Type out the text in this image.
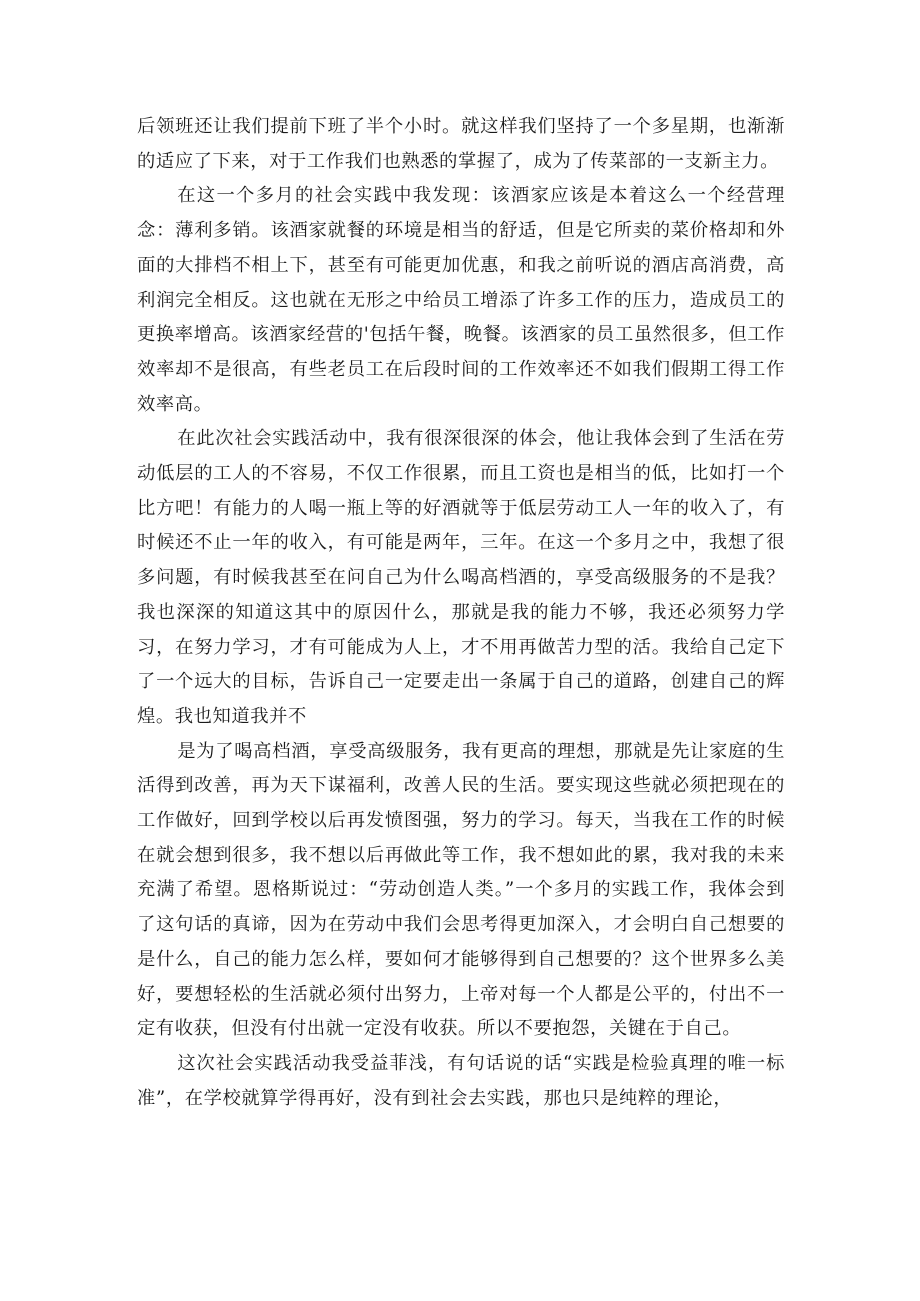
后领班还让我们提前下班了半个小时。就这样我们坚持了一个多星期，也渐渐的适应了下来，对于工作我们也熟悉的掌握了，成为了传菜部的一支新主力。

在这一个多月的社会实践中我发现：该酒家应该是本着这么一个经营理念：薄利多销。该酒家就餐的环境是相当的舒适，但是它所卖的菜价格却和外面的大排档不相上下，甚至有可能更加优惠，和我之前听说的酒店高消费，高利润完全相反。这也就在无形之中给员工增添了许多工作的压力，造成员工的更换率增高。该酒家经营的'包括午餐，晚餐。该酒家的员工虽然很多，但工作效率却不是很高，有些老员工在后段时间的工作效率还不如我们假期工得工作效率高。

在此次社会实践活动中，我有很深很深的体会，他让我体会到了生活在劳动低层的工人的不容易，不仅工作很累，而且工资也是相当的低，比如打一个比方吧！有能力的人喝一瓶上等的好酒就等于低层劳动工人一年的收入了，有时候还不止一年的收入，有可能是两年，三年。在这一个多月之中，我想了很多问题，有时候我甚至在问自己为什么喝高档酒的，享受高级服务的不是我？我也深深的知道这其中的原因什么，那就是我的能力不够，我还必须努力学习，在努力学习，才有可能成为人上，才不用再做苦力型的活。我给自己定下了一个远大的目标，告诉自己一定要走出一条属于自己的道路，创建自己的辉煌。我也知道我并不

是为了喝高档酒，享受高级服务，我有更高的理想，那就是先让家庭的生活得到改善，再为天下谋福利，改善人民的生活。要实现这些就必须把现在的工作做好，回到学校以后再发愤图强，努力的学习。每天，当我在工作的时候在就会想到很多，我不想以后再做此等工作，我不想如此的累，我对我的未来充满了希望。恩格斯说过：“劳动创造人类。”一个多月的实践工作，我体会到了这句话的真谛，因为在劳动中我们会思考得更加深入，才会明白自己想要的是什么，自己的能力怎么样，要如何才能够得到自己想要的？这个世界多么美好，要想轻松的生活就必须付出努力，上帝对每一个人都是公平的，付出不一定有收获，但没有付出就一定没有收获。所以不要抱怨，关键在于自己。

这次社会实践活动我受益菲浅，有句话说的话“实践是检验真理的唯一标准”，在学校就算学得再好，没有到社会去实践，那也只是纯粹的理论，
